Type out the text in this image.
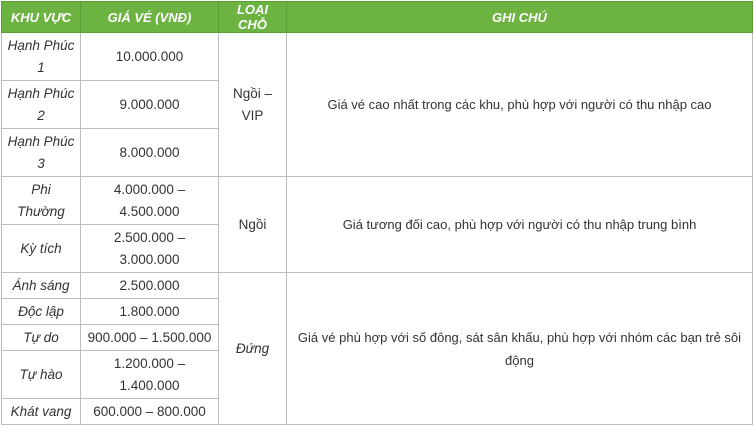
KHU VỰC	GIÁ VÉ (VNĐ)	LOẠI CHỖ	GHI CHÚ
Hạnh Phúc 1	10.000.000	Ngồi – VIP	Giá vé cao nhất trong các khu, phù hợp với người có thu nhập cao
Hạnh Phúc 2	9.000.000		
Hạnh Phúc 3	8.000.000		
Phi Thường	4.000.000 – 4.500.000	Ngồi	Giá tương đối cao, phù hợp với người có thu nhập trung bình
Kỳ tích	2.500.000 – 3.000.000		
Ánh sáng	2.500.000	Đứng	Giá vé phù hợp với số đông, sát sân khấu, phù hợp với nhóm các bạn trẻ sôi động
Độc lập	1.800.000		
Tự do	900.000 – 1.500.000		
Tự hào	1.200.000 – 1.400.000		
Khát vang	600.000 – 800.000		
